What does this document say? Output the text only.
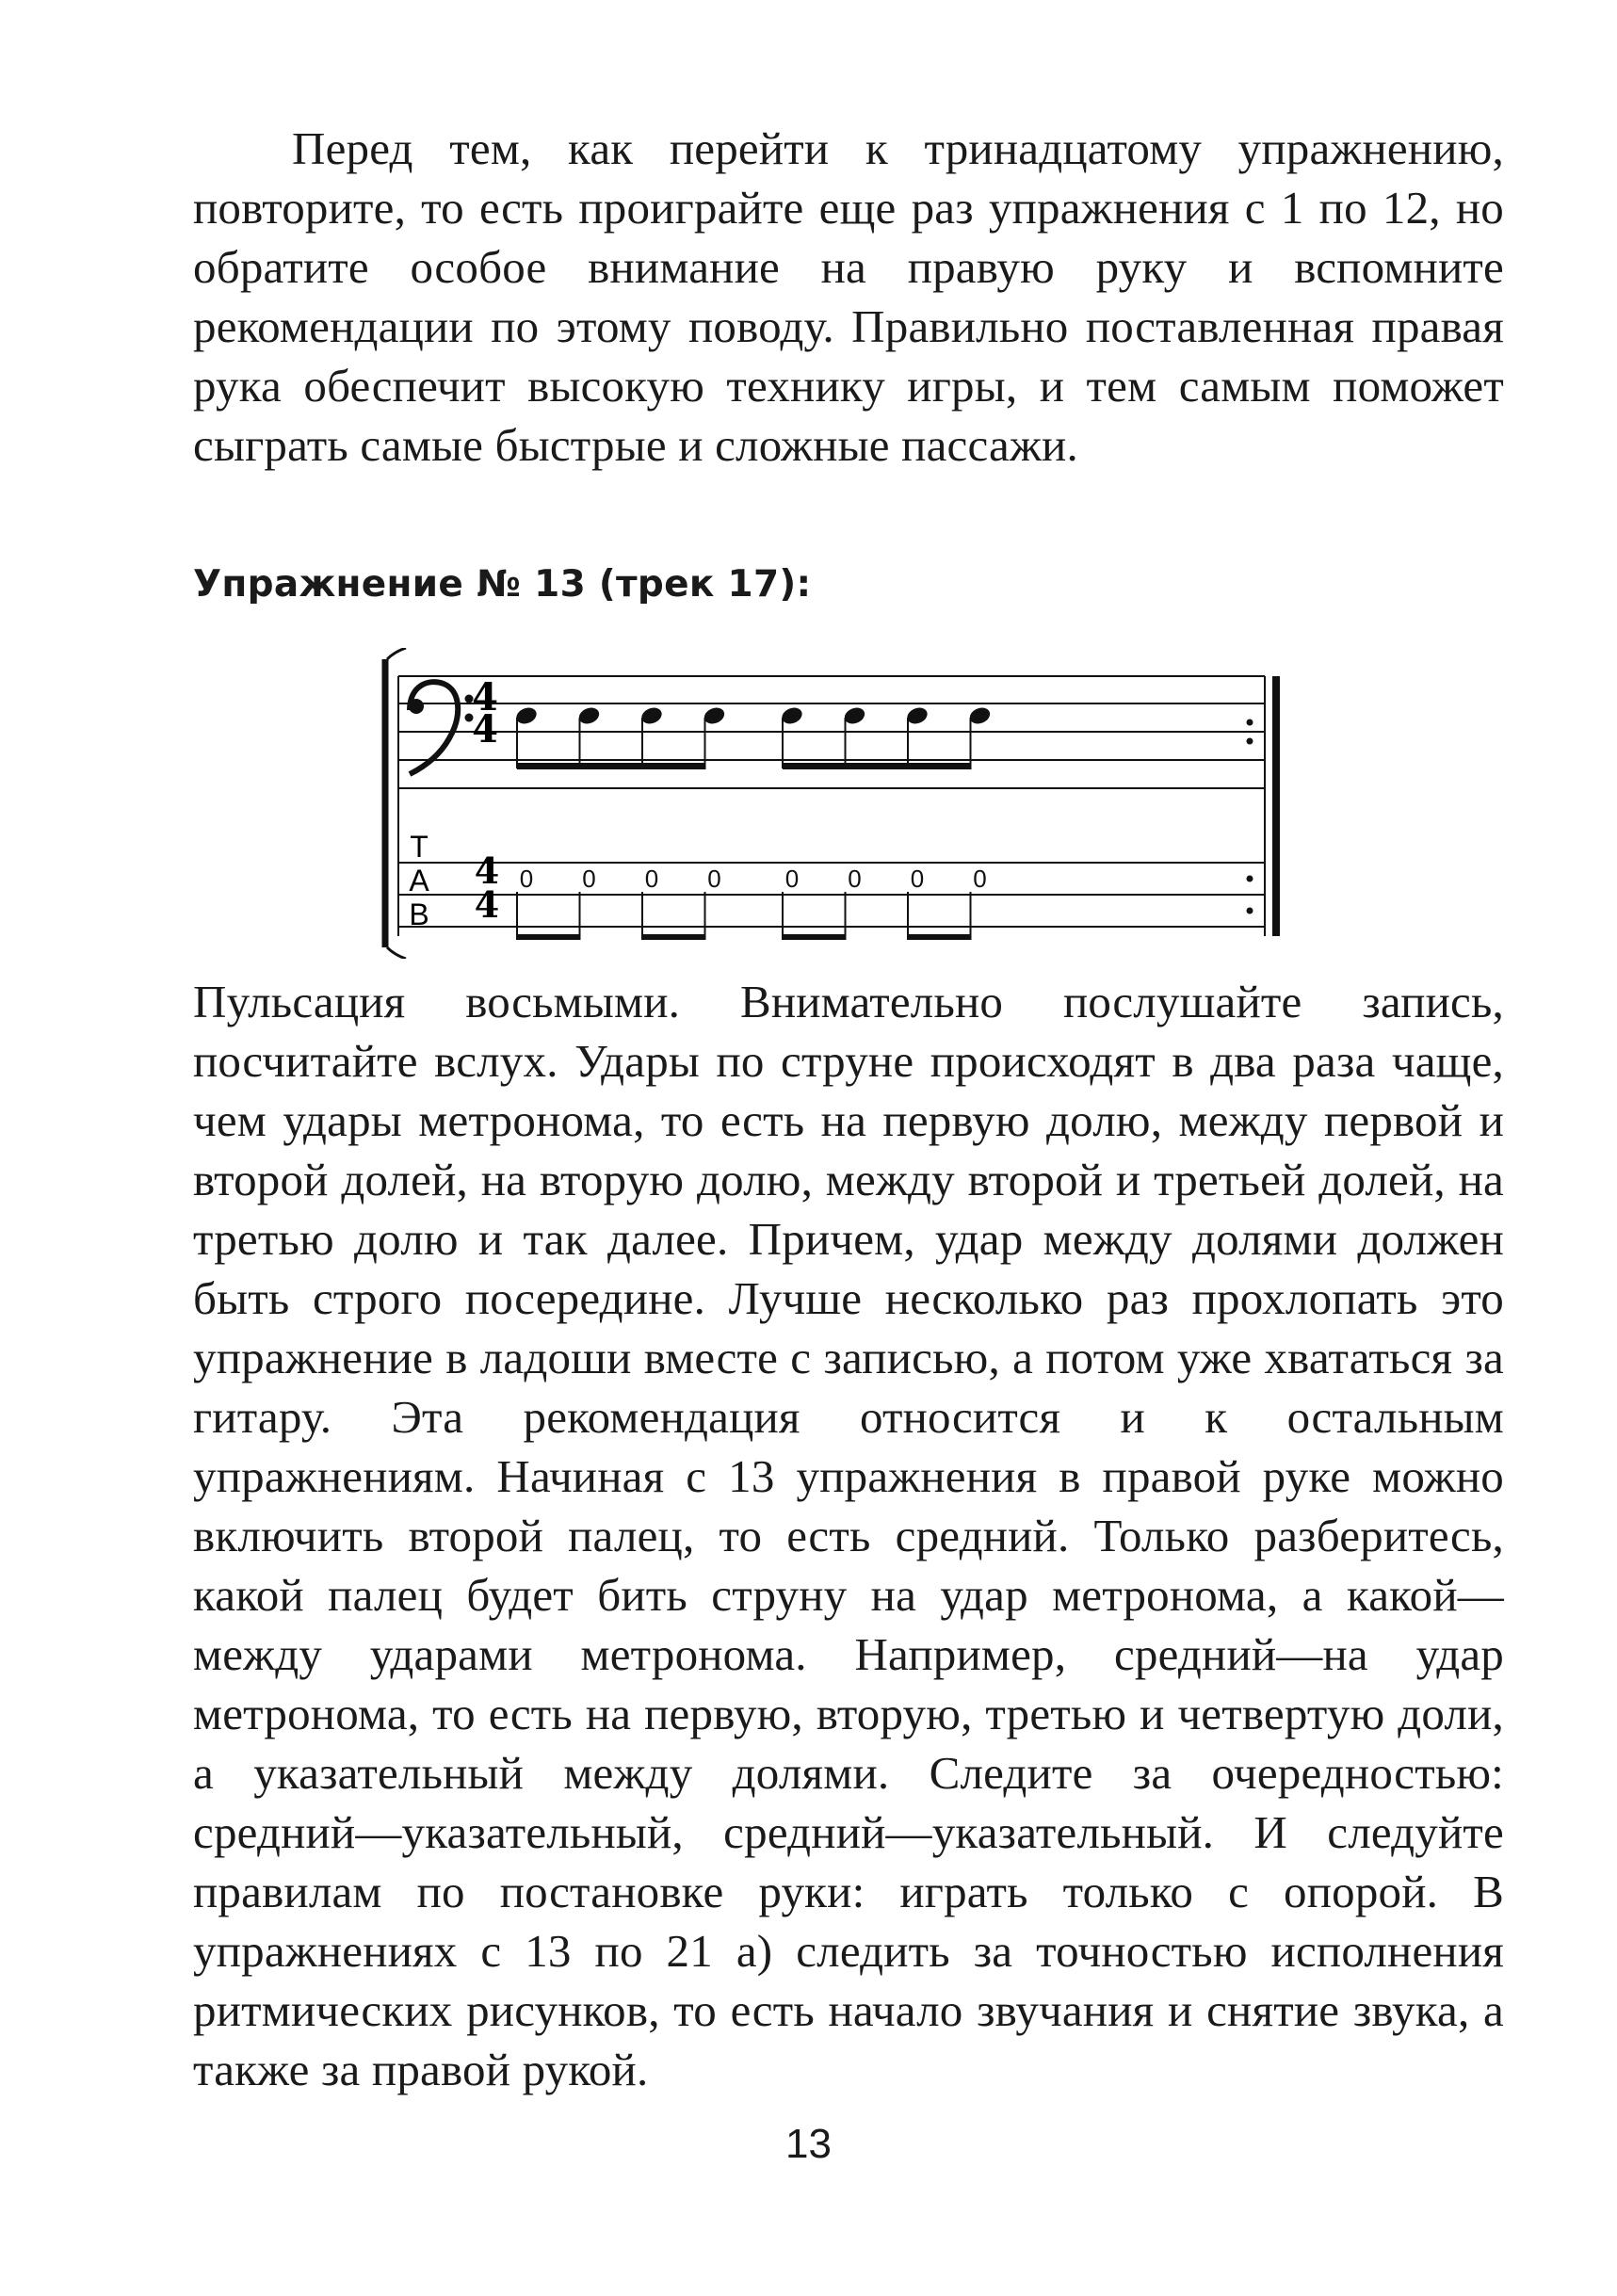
Перед тем, как перейти к тринадцатому упражнению, повторите, то есть проиграйте еще раз упражнения с 1 по 12, но обратите особое внимание на правую руку и вспомните рекомендации по этому поводу. Правильно поставленная правая рука обеспечит высокую технику игры, и тем самым поможет сыграть самые быстрые и сложные пассажи.

Упражнение № 13 (трек 17):
4
4
T
A
B
4
4
0 0 0 0	0 0 0 0

Пульсация восьмыми. Внимательно послушайте запись, посчитайте вслух. Удары по струне происходят в два раза чаще, чем удары метронома, то есть на первую долю, между первой и второй долей, на вторую долю, между второй и третьей долей, на третью долю и так далее. Причем, удар между долями должен быть строго посередине. Лучше несколько раз прохлопать это упражнение в ладоши вместе с записью, а потом уже хвататься за гитару. Эта рекомендация относится и к остальным упражнениям. Начиная с 13 упражнения в правой руке можно включить второй палец, то есть средний. Только разберитесь, какой палец будет бить струну на удар метронома, а какой—между ударами метронома. Например, средний—на удар метронома, то есть на первую, вторую, третью и четвертую доли, а указательный между долями. Следите за очередностью: средний—указательный, средний—указательный. И следуйте правилам по постановке руки: играть только с опорой. В упражнениях с 13 по 21 а) следить за точностью исполнения ритмических рисунков, то есть начало звучания и снятие звука, а также за правой рукой.

13
